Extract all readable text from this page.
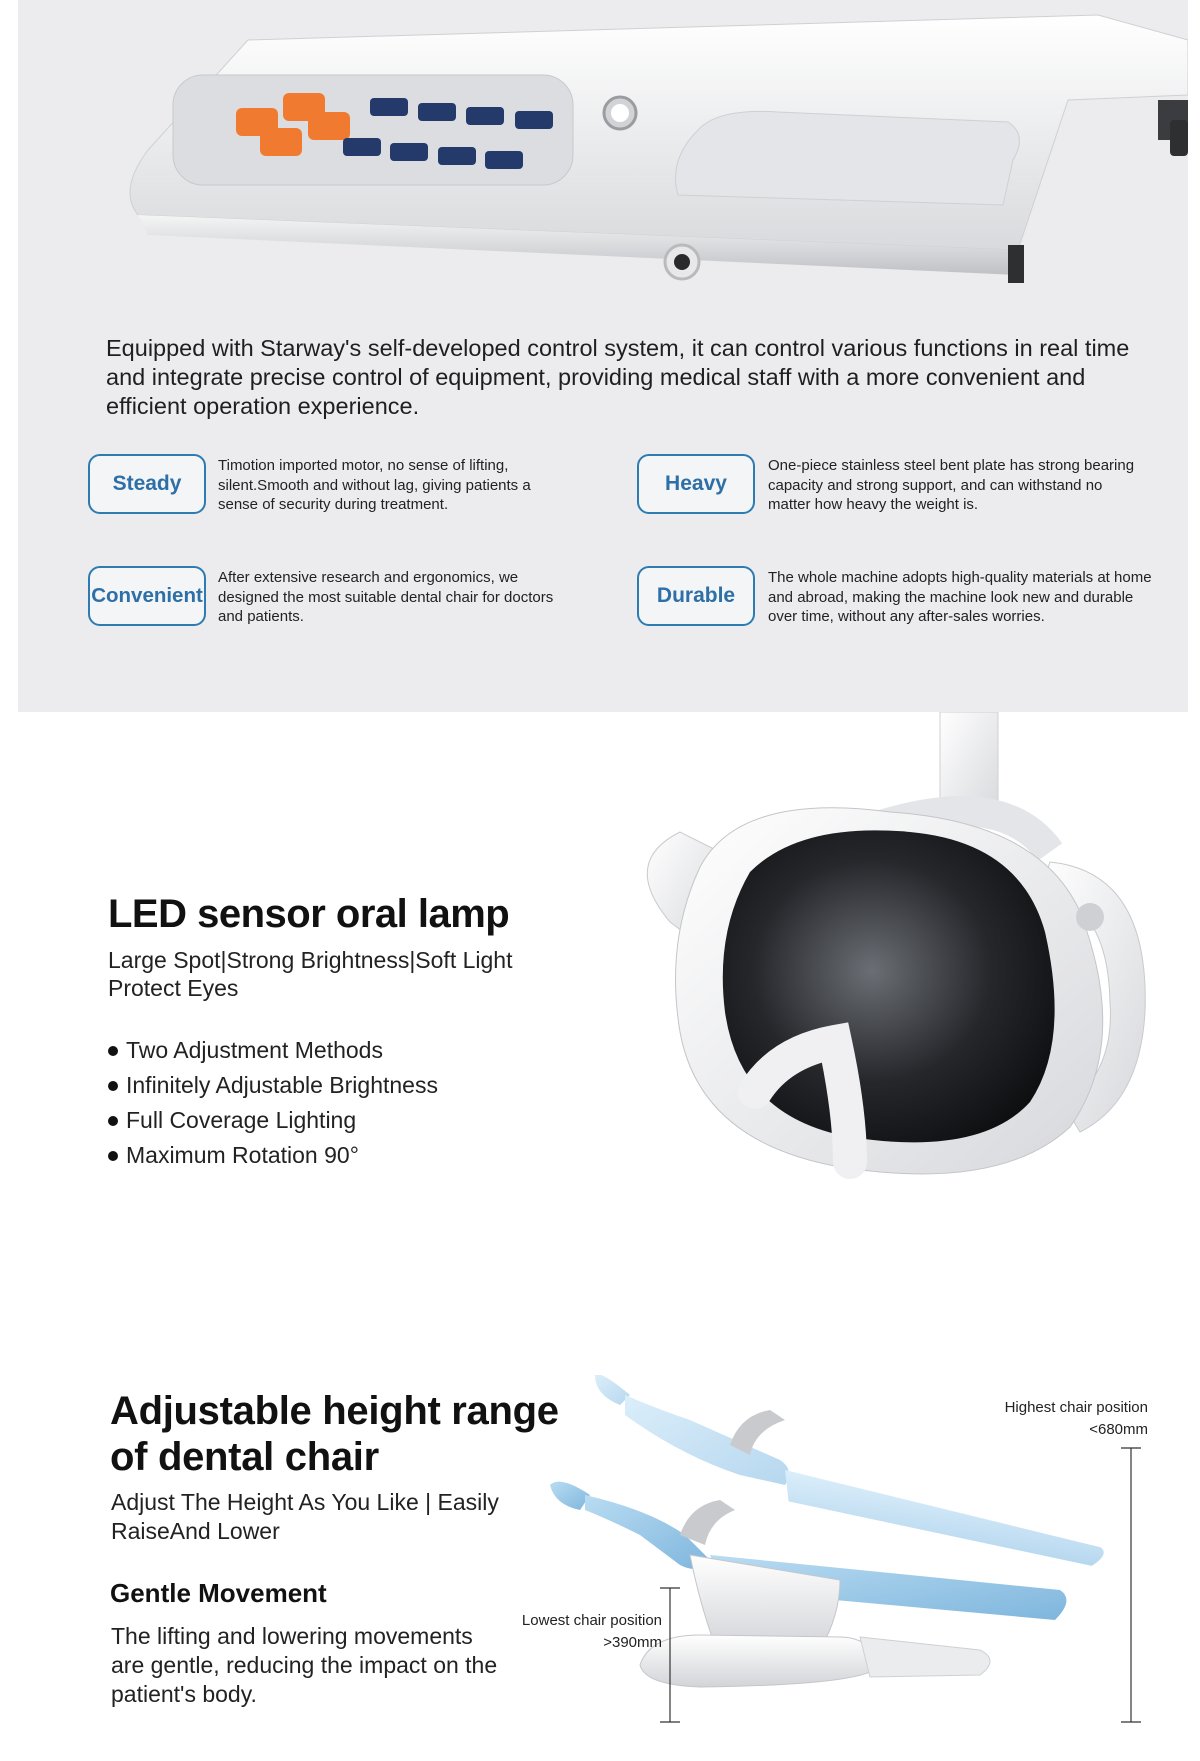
Equipped with Starway's self-developed control system, it can control various functions in real time and integrate precise control of equipment, providing medical staff with a more convenient and efficient operation experience.
Steady
Timotion imported motor, no sense of lifting, silent.Smooth and without lag, giving patients a sense of security during treatment.
Heavy
One-piece stainless steel bent plate has strong bearing capacity and strong support, and can withstand no matter how heavy the weight is.
Convenient
After extensive research and ergonomics, we designed the most suitable dental chair for doctors and patients.
Durable
The whole machine adopts high-quality materials at home and abroad, making the machine look new and durable over time, without any after-sales worries.
LED sensor oral lamp
Large Spot|Strong Brightness|Soft Light Protect Eyes
Two Adjustment Methods
Infinitely Adjustable Brightness
Full Coverage Lighting
Maximum Rotation 90°
Highest chair position
<680mm
Lowest chair position
>390mm
Adjustable height range of dental chair
Adjust The Height As You Like | Easily RaiseAnd Lower
Gentle Movement
The lifting and lowering movements are gentle, reducing the impact on the patient's body.
